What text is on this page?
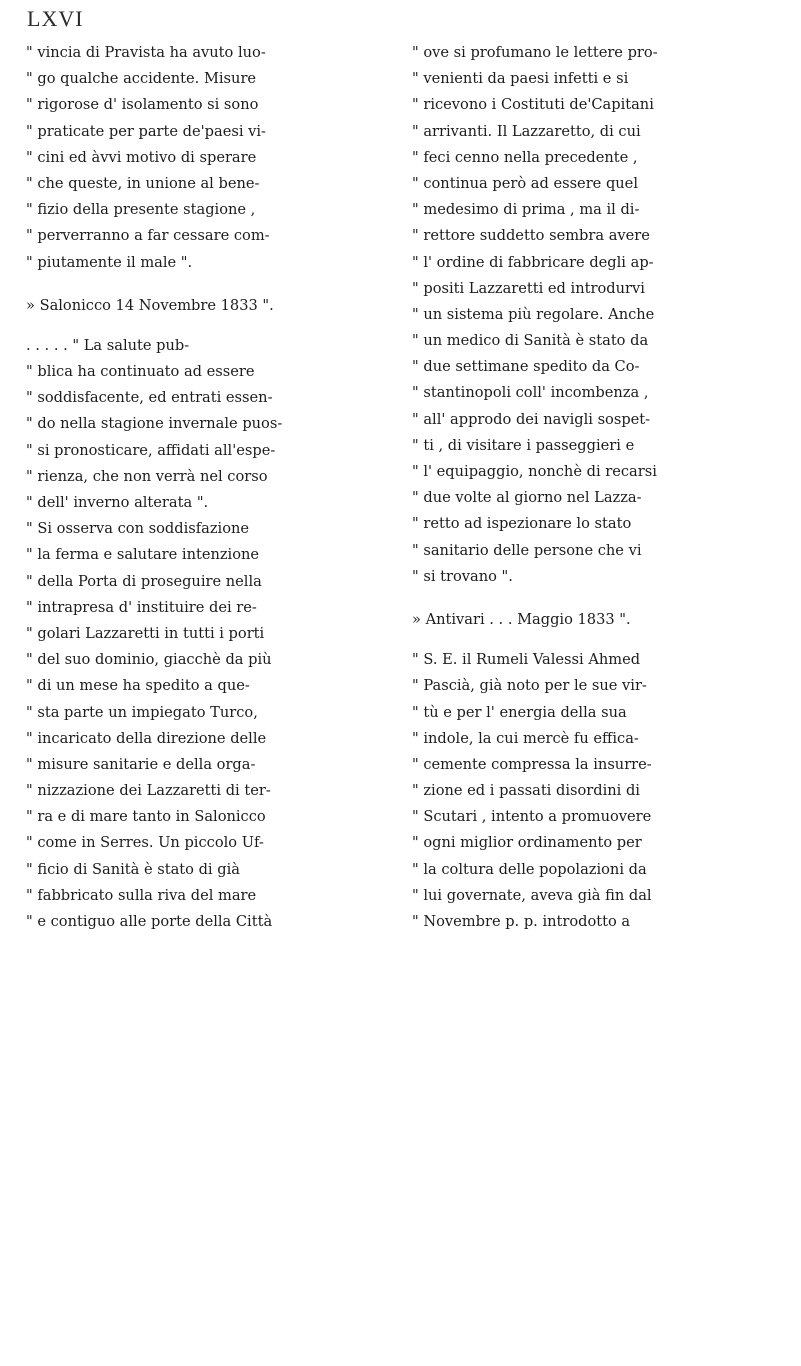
LXVI
" vincia di Pravista ha avuto luo-
" go qualche accidente. Misure
" rigorose d' isolamento si sono
" praticate per parte de'paesi vi-
" cini ed àvvi motivo di sperare
" che queste, in unione al bene-
" fizio della presente stagione ,
" perverranno a far cessare com-
" piutamente il male ".
» Salonicco 14 Novembre 1833 ".
. . . . . " La salute pub-
" blica ha continuato ad essere
" soddisfacente, ed entrati essen-
" do nella stagione invernale puos-
" si pronosticare, affidati all'espe-
" rienza, che non verrà nel corso
" dell' inverno alterata ".
" Si osserva con soddisfazione
" la ferma e salutare intenzione
" della Porta di proseguire nella
" intrapresa d' instituire dei re-
" golari Lazzaretti in tutti i porti
" del suo dominio, giacchè da più
" di un mese ha spedito a que-
" sta parte un impiegato Turco,
" incaricato della direzione delle
" misure sanitarie e della orga-
" nizzazione dei Lazzaretti di ter-
" ra e di mare tanto in Salonicco
" come in Serres. Un piccolo Uf-
" ficio di Sanità è stato di già
" fabbricato sulla riva del mare
" e contiguo alle porte della Città
" ove si profumano le lettere pro-
" venienti da paesi infetti e si
" ricevono i Costituti de'Capitani
" arrivanti. Il Lazzaretto, di cui
" feci cenno nella precedente ,
" continua però ad essere quel
" medesimo di prima , ma il di-
" rettore suddetto sembra avere
" l' ordine di fabbricare degli ap-
" positi Lazzaretti ed introdurvi
" un sistema più regolare. Anche
" un medico di Sanità è stato da
" due settimane spedito da Co-
" stantinopoli coll' incombenza ,
" all' approdo dei navigli sospet-
" ti , di visitare i passeggieri e
" l' equipaggio, nonchè di recarsi
" due volte al giorno nel Lazza-
" retto ad ispezionare lo stato
" sanitario delle persone che vi
" si trovano ".
» Antivari . . . Maggio 1833 ".
" S. E. il Rumeli Valessi Ahmed
" Pascià, già noto per le sue vir-
" tù e per l' energia della sua
" indole, la cui mercè fu effica-
" cemente compressa la insurre-
" zione ed i passati disordini di
" Scutari , intento a promuovere
" ogni miglior ordinamento per
" la coltura delle popolazioni da
" lui governate, aveva già fin dal
" Novembre p. p. introdotto a
